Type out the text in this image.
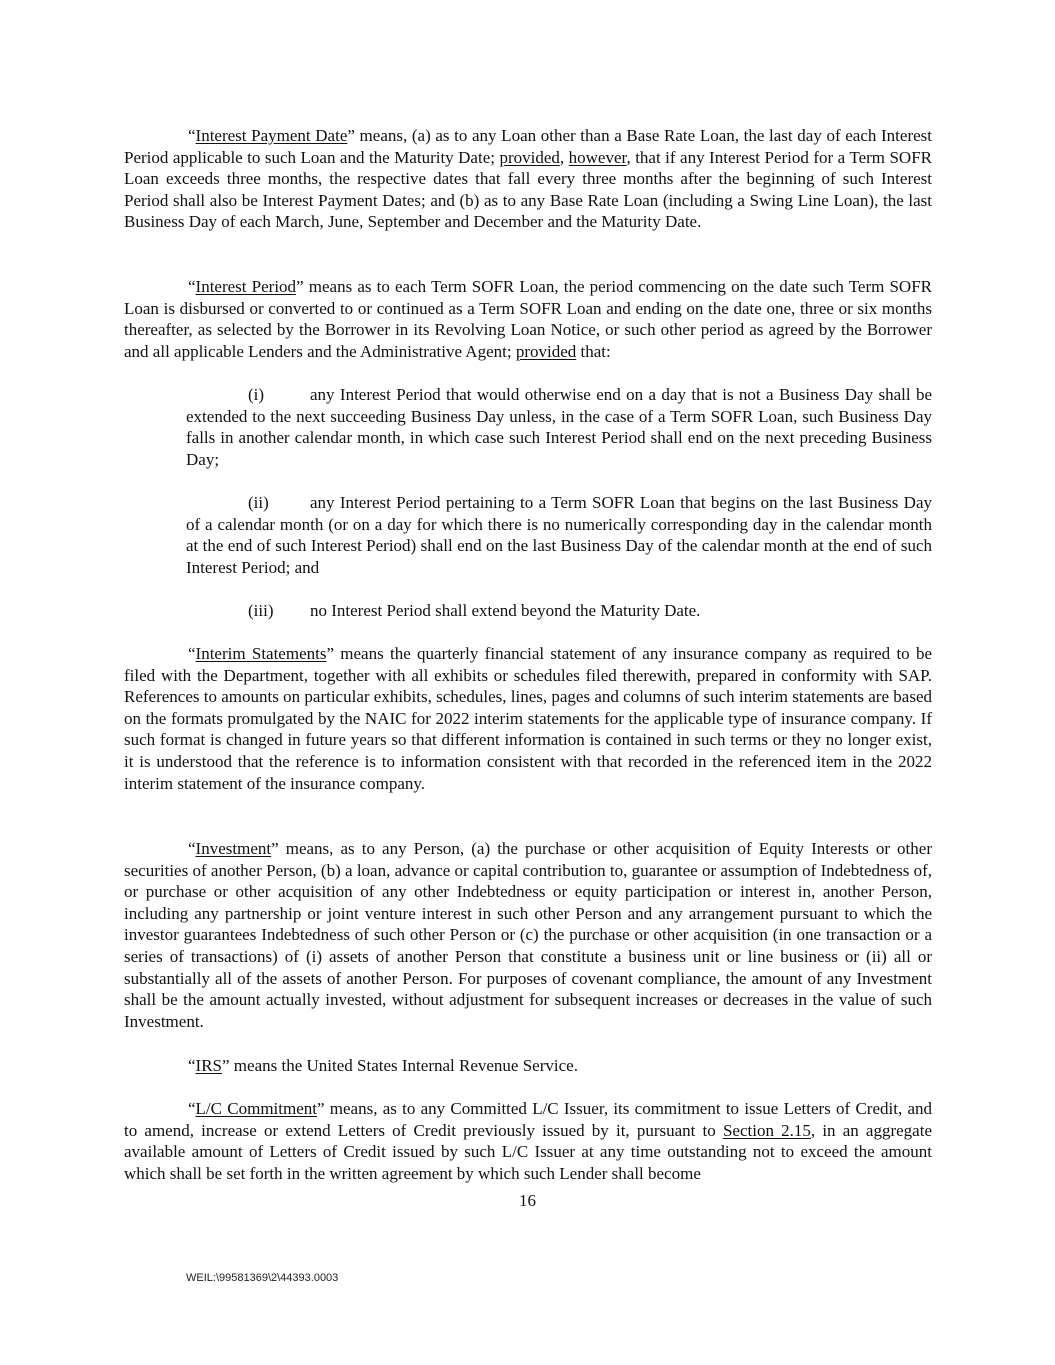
“Interest Payment Date” means, (a) as to any Loan other than a Base Rate Loan, the last day of each Interest Period applicable to such Loan and the Maturity Date; provided, however, that if any Interest Period for a Term SOFR Loan exceeds three months, the respective dates that fall every three months after the beginning of such Interest Period shall also be Interest Payment Dates; and (b) as to any Base Rate Loan (including a Swing Line Loan), the last Business Day of each March, June, September and December and the Maturity Date.

“Interest Period” means as to each Term SOFR Loan, the period commencing on the date such Term SOFR Loan is disbursed or converted to or continued as a Term SOFR Loan and ending on the date one, three or six months thereafter, as selected by the Borrower in its Revolving Loan Notice, or such other period as agreed by the Borrower and all applicable Lenders and the Administrative Agent; provided that:

(i)	any Interest Period that would otherwise end on a day that is not a Business Day shall be extended to the next succeeding Business Day unless, in the case of a Term SOFR Loan, such Business Day falls in another calendar month, in which case such Interest Period shall end on the next preceding Business Day;

(ii) any Interest Period pertaining to a Term SOFR Loan that begins on the last Business Day of a calendar month (or on a day for which there is no numerically corresponding day in the calendar month at the end of such Interest Period) shall end on the last Business Day of the calendar month at the end of such Interest Period; and

(iii) no Interest Period shall extend beyond the Maturity Date.

“Interim Statements” means the quarterly financial statement of any insurance company as required to be filed with the Department, together with all exhibits or schedules filed therewith, prepared in conformity with SAP. References to amounts on particular exhibits, schedules, lines, pages and columns of such interim statements are based on the formats promulgated by the NAIC for 2022 interim statements for the applicable type of insurance company. If such format is changed in future years so that different information is contained in such terms or they no longer exist, it is understood that the reference is to information consistent with that recorded in the referenced item in the 2022 interim statement of the insurance company.

“Investment” means, as to any Person, (a) the purchase or other acquisition of Equity Interests or other securities of another Person, (b) a loan, advance or capital contribution to, guarantee or assumption of Indebtedness of, or purchase or other acquisition of any other Indebtedness or equity participation or interest in, another Person, including any partnership or joint venture interest in such other Person and any arrangement pursuant to which the investor guarantees Indebtedness of such other Person or (c) the purchase or other acquisition (in one transaction or a series of transactions) of (i) assets of another Person that constitute a business unit or line business or (ii) all or substantially all of the assets of another Person. For purposes of covenant compliance, the amount of any Investment shall be the amount actually invested, without adjustment for subsequent increases or decreases in the value of such Investment.

“IRS” means the United States Internal Revenue Service.

“L/C Commitment” means, as to any Committed L/C Issuer, its commitment to issue Letters of Credit, and to amend, increase or extend Letters of Credit previously issued by it, pursuant to Section 2.15, in an aggregate available amount of Letters of Credit issued by such L/C Issuer at any time outstanding not to exceed the amount which shall be set forth in the written agreement by which such Lender shall become

16
WEIL:\99581369\2\44393.0003
